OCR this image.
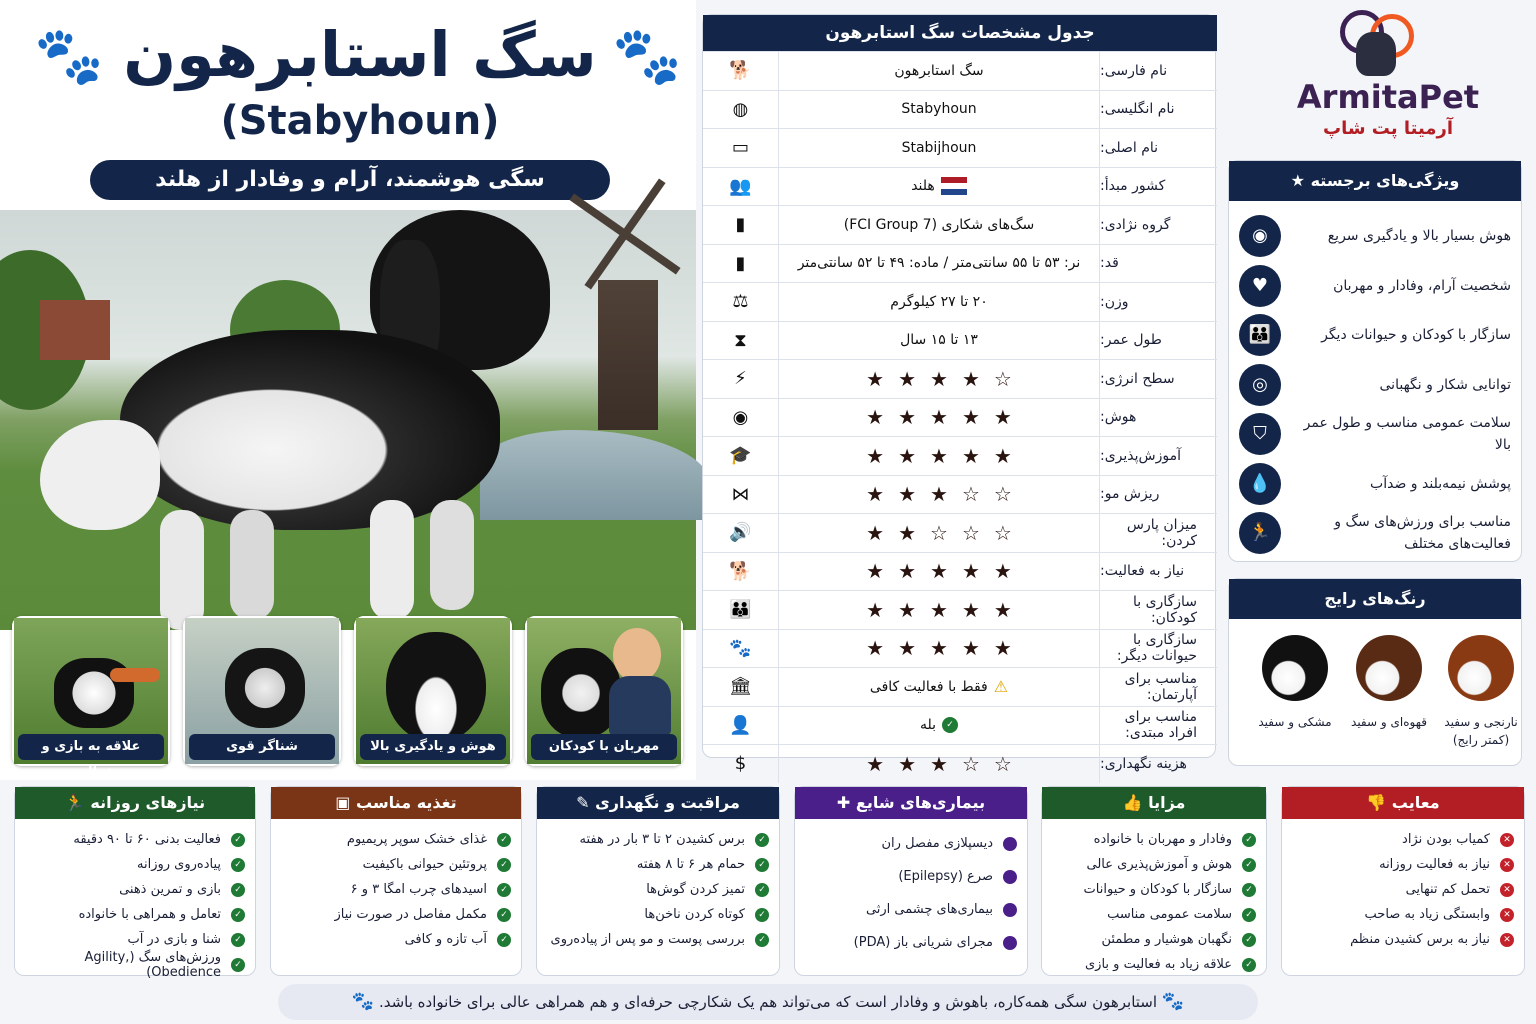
🐾	🐾
سگ استابرهون
(Stabyhoun)
سگی هوشمند، آرام و وفادار از هلند
علاقه به بازی و فعالیت
شناگر قوی	هوش و یادگیری بالا	مهربان با کودکان
جدول مشخصات سگ استابرهون
🐕	نام فارسی:
سگ استابرهون
◍	نام انگلیسی:
Stabyhoun
▭	نام اصلی:
Stabijhoun
👥	کشور مبدأ:
هلند
▮	گروه نژادی:
سگ‌های شکاری (FCI Group 7)
▮	قد:
نر: ۵۳ تا ۵۵ سانتی‌متر / ماده: ۴۹ تا ۵۲ سانتی‌متر
⚖	وزن:
۲۰ تا ۲۷ کیلوگرم
⧗	طول عمر:
۱۳ تا ۱۵ سال
⚡	سطح انرژی:
★ ★ ★ ★ ☆
◉	هوش:
★ ★ ★ ★ ★
🎓	آموزش‌پذیری:
★ ★ ★ ★ ★
⋈	ریزش مو:
★ ★ ★ ☆ ☆
🔊	میزان پارس کردن:
★ ★ ☆ ☆ ☆
🐕	نیاز به فعالیت:
★ ★ ★ ★ ★
👪	سازگاری با کودکان:
★ ★ ★ ★ ★
🐾	سازگاری با حیوانات دیگر:
★ ★ ★ ★ ★
🏛	مناسب برای آپارتمان:
⚠
فقط با فعالیت کافی
👤	مناسب برای افراد مبتدی:
✓
بله
$	هزینه نگهداری:
★ ★ ★ ☆ ☆
ArmitaPet
آرمیتا پت شاپ
ویژگی‌های برجسته ★
◉	هوش بسیار بالا و یادگیری سریع
♥	شخصیت آرام، وفادار و مهربان
👪	سازگار با کودکان و حیوانات دیگر
◎	توانایی شکار و نگهبانی
⛉	سلامت عمومی مناسب و طول عمر بالا
💧	پوشش نیمه‌بلند و ضدآب
🏃	مناسب برای ورزش‌های سگ و فعالیت‌های مختلف
رنگ‌های رایج
نارنجی و سفید (کمتر رایج)
قهوه‌ای و سفید
مشکی و سفید
نیازهای روزانه 🏃
✓
فعالیت بدنی ۶۰ تا ۹۰ دقیقه
✓
پیاده‌روی روزانه
✓
بازی و تمرین ذهنی
✓
تعامل و همراهی با خانواده
✓
شنا و بازی در آب
✓
ورزش‌های سگ (Agility, Obedience)
تغذیه مناسب ▣
✓
غذای خشک سوپر پریمیوم
✓
پروتئین حیوانی باکیفیت
✓
اسیدهای چرب امگا ۳ و ۶
✓
مکمل مفاصل در صورت نیاز
✓
آب تازه و کافی
مراقبت و نگهداری ✎
✓
برس کشیدن ۲ تا ۳ بار در هفته
✓
حمام هر ۶ تا ۸ هفته
✓
تمیز کردن گوش‌ها
✓
کوتاه کردن ناخن‌ها
✓
بررسی پوست و مو پس از پیاده‌روی
بیماری‌های شایع ✚
دیسپلازی مفصل ران
صرع (Epilepsy)
بیماری‌های چشمی ارثی
مجرای شریانی باز (PDA)
مزایا 👍
✓
وفادار و مهربان با خانواده
✓
هوش و آموزش‌پذیری عالی
✓
سازگار با کودکان و حیوانات
✓
سلامت عمومی مناسب
✓
نگهبان هوشیار و مطمئن
✓
علاقه زیاد به فعالیت و بازی
معایب 👎
✕
کمیاب بودن نژاد
✕
نیاز به فعالیت روزانه
✕
تحمل کم تنهایی
✕
وابستگی زیاد به صاحب
✕
نیاز به برس کشیدن منظم
🐾 استابرهون سگی همه‌کاره، باهوش و وفادار است که می‌تواند هم یک شکارچی حرفه‌ای و هم همراهی عالی برای خانواده باشد. 🐾
